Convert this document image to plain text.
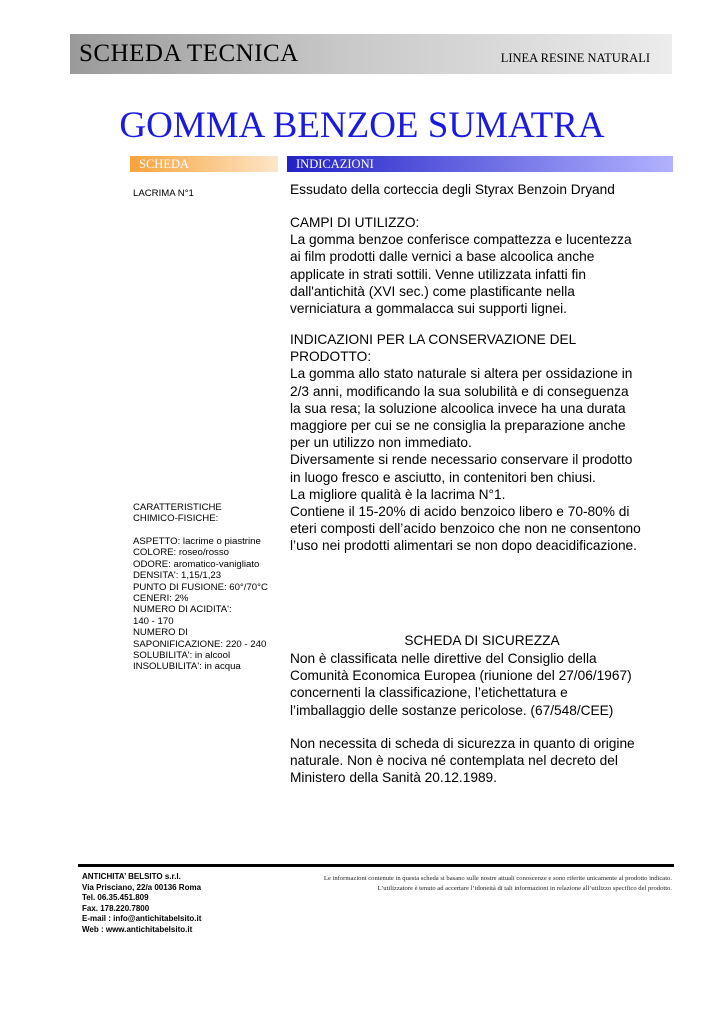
SCHEDA TECNICA	LINEA RESINE NATURALI
GOMMA BENZOE SUMATRA
SCHEDA	INDICAZIONI
LACRIMA N°1
CARATTERISTICHE
CHIMICO-FISICHE:
ASPETTO: lacrime o piastrine
COLORE: roseo/rosso
ODORE: aromatico-vanigliato
DENSITA': 1,15/1,23
PUNTO DI FUSIONE: 60°/70°C
CENERI: 2%
NUMERO DI ACIDITA':
140 - 170
NUMERO DI
SAPONIFICAZIONE: 220 - 240
SOLUBILITA': in alcool
INSOLUBILITA': in acqua
Essudato della corteccia degli Styrax Benzoin Dryand
CAMPI DI UTILIZZO:
La gomma benzoe conferisce compattezza e lucentezza
ai film prodotti dalle vernici a base alcoolica anche
applicate in strati sottili. Venne utilizzata infatti fin
dall'antichità (XVI sec.) come plastificante nella
verniciatura a gommalacca sui supporti lignei.
INDICAZIONI PER LA CONSERVAZIONE DEL
PRODOTTO:
La gomma allo stato naturale si altera per ossidazione in
2/3 anni, modificando la sua solubilità e di conseguenza
la sua resa; la soluzione alcoolica invece ha una durata
maggiore per cui se ne consiglia la preparazione anche
per un utilizzo non immediato.
Diversamente si rende necessario conservare il prodotto
in luogo fresco e asciutto, in contenitori ben chiusi.
La migliore qualità è la lacrima N°1.
Contiene il 15-20% di acido benzoico libero e 70-80% di
eteri composti dell’acido benzoico che non ne consentono
l’uso nei prodotti alimentari se non dopo deacidificazione.
SCHEDA DI SICUREZZA
Non è classificata nelle direttive del Consiglio della
Comunità Economica Europea (riunione del 27/06/1967)
concernenti la classificazione, l’etichettatura e
l’imballaggio delle sostanze pericolose. (67/548/CEE)
Non necessita di scheda di sicurezza in quanto di origine
naturale. Non è nociva né contemplata nel decreto del
Ministero della Sanità 20.12.1989.
ANTICHITA’ BELSITO s.r.l.
Via Prisciano, 22/a 00136 Roma
Tel. 06.35.451.809
Fax. 178.220.7800
E-mail : info@antichitabelsito.it
Web : www.antichitabelsito.it
Le informazioni contenute in questa scheda si basano sulle nostre attuali conoscenze e sono riferite unicamente al prodotto indicato.
L’utilizzatore è tenuto ad accertare l’idoneità di tali informazioni in relazione all’utilizzo specifico del prodotto.
